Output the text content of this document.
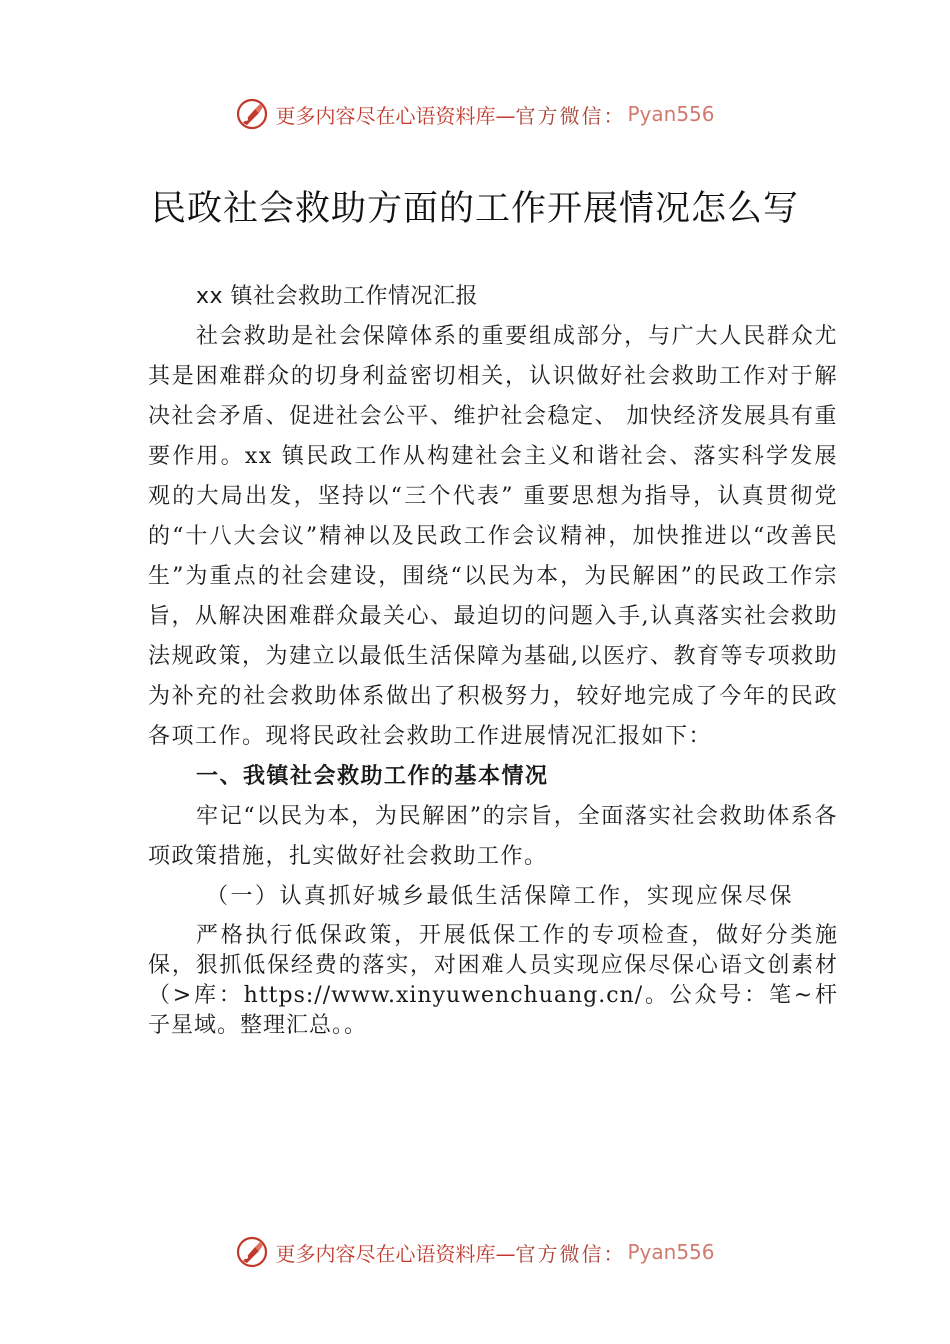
更多内容尽在心语资料库— 官方微信： Pyan556
民政社会救助方面的工作开展情况怎么写

xx 镇社会救助工作情况汇报

社会救助是社会保障体系的重要组成部分，与广大人民群众尤其是困难群众的切身利益密切相关，认识做好社会救助工作对于解决社会矛盾、促进社会公平、维护社会稳定、 加快经济发展具有重要作用。xx 镇民政工作从构建社会主义和谐社会、落实科学发展观的大局出发，坚持以“三个代表” 重要思想为指导，认真贯彻党的“十八大会议”精神以及民政工作会议精神，加快推进以“改善民生”为重点的社会建设，围绕“以民为本，为民解困”的民政工作宗旨，从解决困难群众最关心、最迫切的问题入手,认真落实社会救助法规政策，为建立以最低生活保障为基础,以医疗、教育等专项救助为补充的社会救助体系做出了积极努力，较好地完成了今年的民政各项工作。现将民政社会救助工作进展情况汇报如下：

一、我镇社会救助工作的基本情况

牢记“以民为本，为民解困”的宗旨，全面落实社会救助体系各项政策措施，扎实做好社会救助工作。

（一）认真抓好城乡最低生活保障工作，实现应保尽保

严格执行低保政策，开展低保工作的专项检查，做好分类施保，狠抓低保经费的落实，对困难人员实现应保尽保心语文创素材（>库：https://www.xinyuwenchuang.cn/。公众号：笔~杆子星域。整理汇总。。

更多内容尽在心语资料库— 官方微信： Pyan556
